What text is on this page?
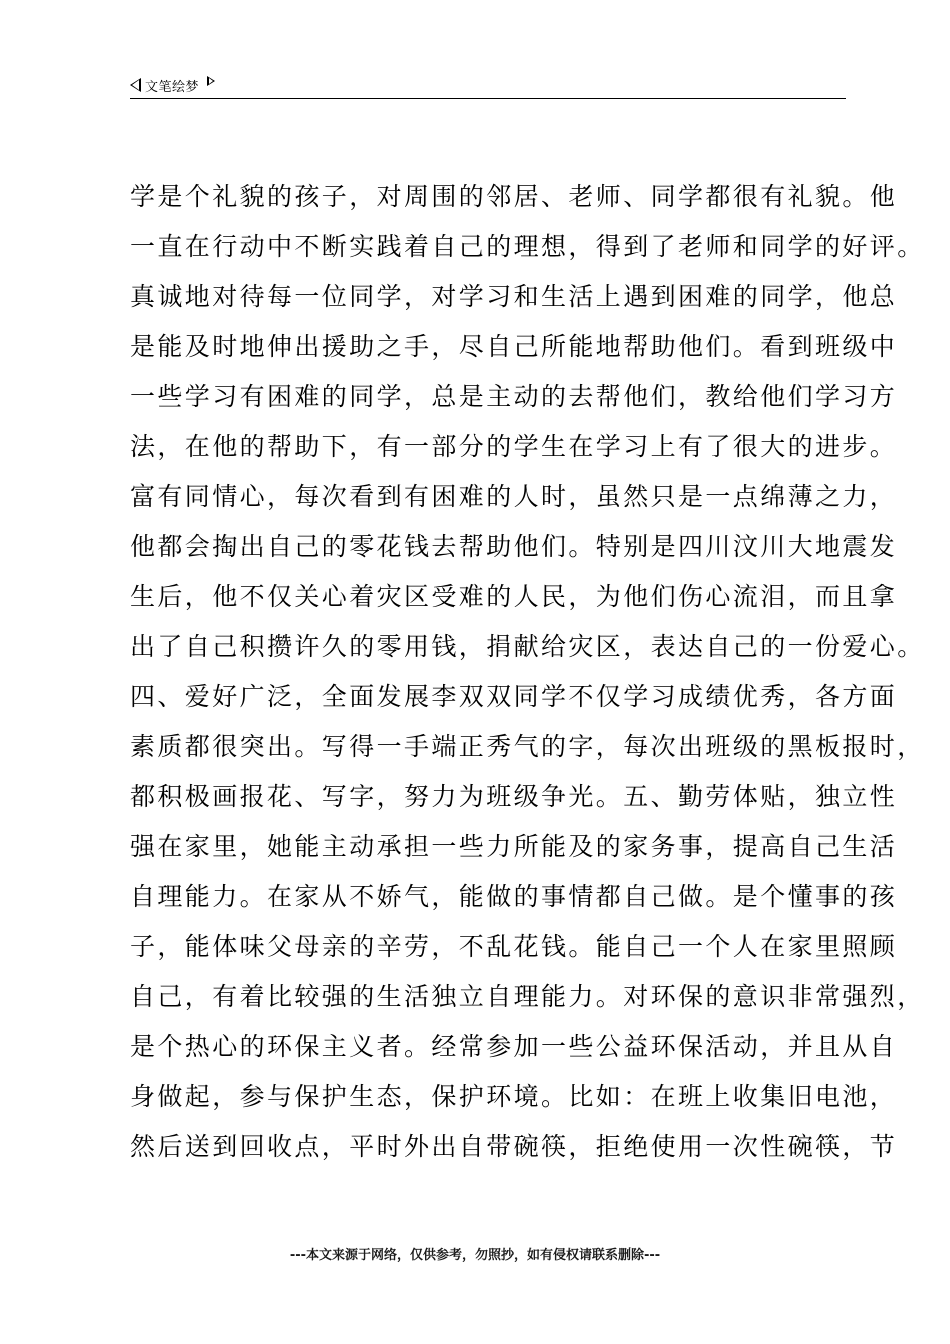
文笔绘梦
学是个礼貌的孩子，对周围的邻居、老师、同学都很有礼貌。他
一直在行动中不断实践着自己的理想，得到了老师和同学的好评。
真诚地对待每一位同学，对学习和生活上遇到困难的同学，他总
是能及时地伸出援助之手，尽自己所能地帮助他们。看到班级中
一些学习有困难的同学，总是主动的去帮他们，教给他们学习方
法，在他的帮助下，有一部分的学生在学习上有了很大的进步。
富有同情心，每次看到有困难的人时，虽然只是一点绵薄之力，
他都会掏出自己的零花钱去帮助他们。特别是四川汶川大地震发
生后，他不仅关心着灾区受难的人民，为他们伤心流泪，而且拿
出了自己积攒许久的零用钱，捐献给灾区，表达自己的一份爱心。
四、爱好广泛，全面发展李双双同学不仅学习成绩优秀，各方面
素质都很突出。写得一手端正秀气的字，每次出班级的黑板报时，
都积极画报花、写字，努力为班级争光。五、勤劳体贴，独立性
强在家里，她能主动承担一些力所能及的家务事，提高自己生活
自理能力。在家从不娇气，能做的事情都自己做。是个懂事的孩
子，能体味父母亲的辛劳，不乱花钱。能自己一个人在家里照顾
自己，有着比较强的生活独立自理能力。对环保的意识非常强烈，
是个热心的环保主义者。经常参加一些公益环保活动，并且从自
身做起，参与保护生态，保护环境。比如：在班上收集旧电池，
然后送到回收点，平时外出自带碗筷，拒绝使用一次性碗筷，节
---本文来源于网络，仅供参考，勿照抄，如有侵权请联系删除---
